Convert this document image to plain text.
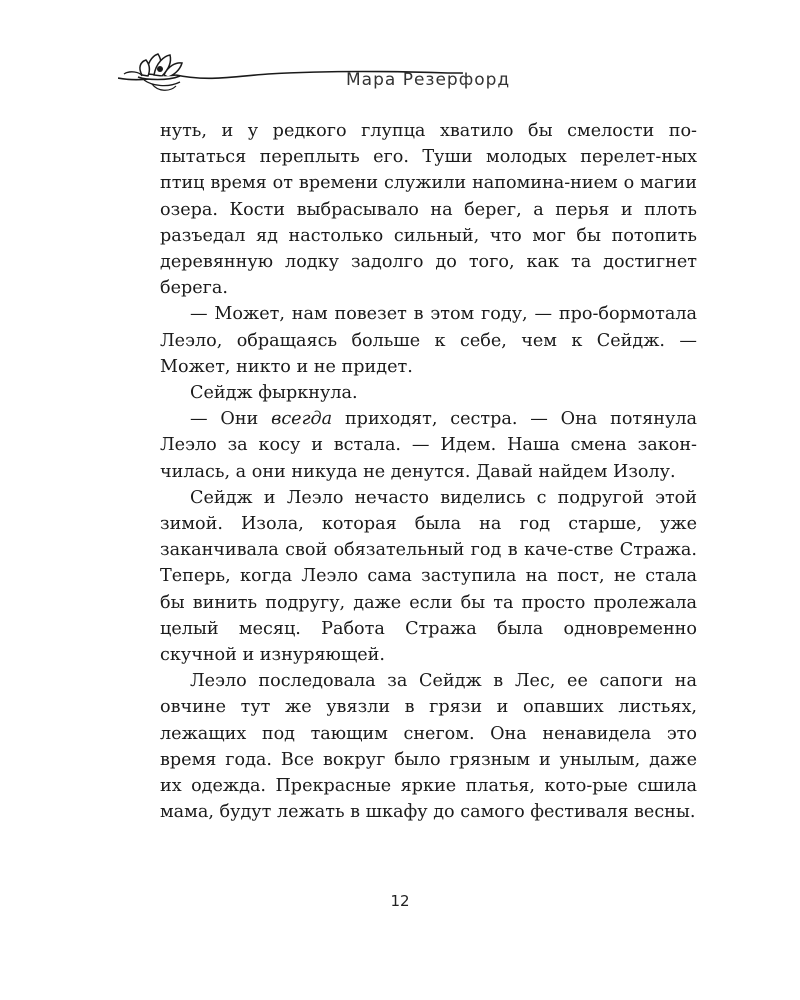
Мара Резерфорд

нуть, и у редкого глупца хватило бы смелости по-пытаться переплыть его. Туши молодых перелет-ных птиц время от времени служили напомина-нием о магии озера. Кости выбрасывало на берег, а перья и плоть разъедал яд настолько сильный, что мог бы потопить деревянную лодку задолго до того, как та достигнет берега.

— Может, нам повезет в этом году, — про-бормотала Леэло, обращаясь больше к себе, чем к Сейдж. — Может, никто и не придет.

Сейдж фыркнула.

— Они всегда приходят, сестра. — Она потянула Леэло за косу и встала. — Идем. Наша смена закон-чилась, а они никуда не денутся. Давай найдем Изолу.

Сейдж и Леэло нечасто виделись с подругой этой зимой. Изола, которая была на год старше, уже заканчивала свой обязательный год в каче-стве Стража. Теперь, когда Леэло сама заступила на пост, не стала бы винить подругу, даже если бы та просто пролежала целый месяц. Работа Стража была одновременно скучной и изнуряющей.

Леэло последовала за Сейдж в Лес, ее сапоги на овчине тут же увязли в грязи и опавших листьях, лежащих под тающим снегом. Она ненавидела это время года. Все вокруг было грязным и унылым, даже их одежда. Прекрасные яркие платья, кото-рые сшила мама, будут лежать в шкафу до самого фестиваля весны.

12
